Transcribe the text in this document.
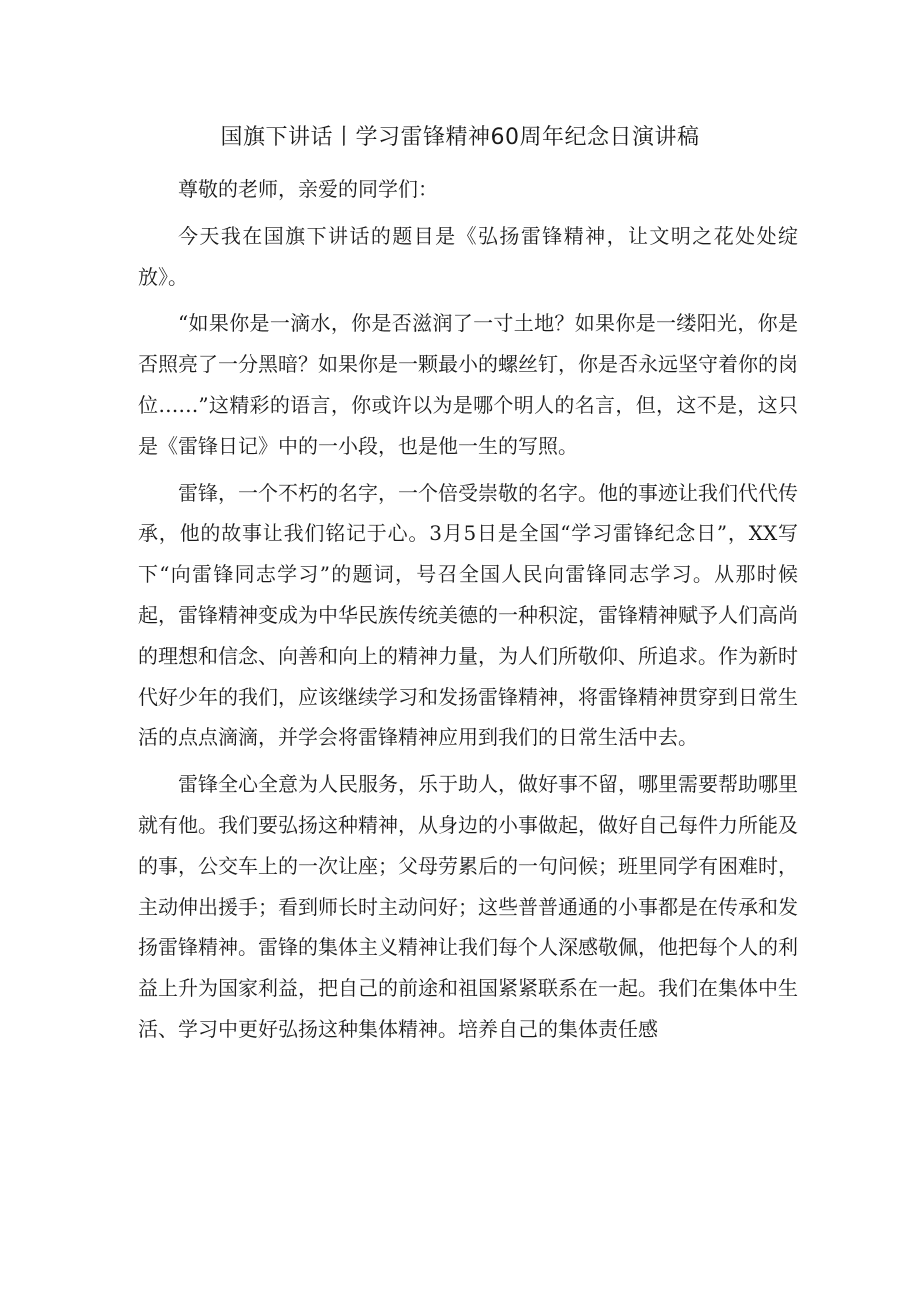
国旗下讲话丨学习雷锋精神60周年纪念日演讲稿

尊敬的老师，亲爱的同学们：

今天我在国旗下讲话的题目是《弘扬雷锋精神，让文明之花处处绽放》。

“如果你是一滴水，你是否滋润了一寸土地？如果你是一缕阳光，你是否照亮了一分黑暗？如果你是一颗最小的螺丝钉，你是否永远坚守着你的岗位……”这精彩的语言，你或许以为是哪个明人的名言，但，这不是，这只是《雷锋日记》中的一小段，也是他一生的写照。

雷锋，一个不朽的名字，一个倍受崇敬的名字。他的事迹让我们代代传承，他的故事让我们铭记于心。3月5日是全国“学习雷锋纪念日”，XX写下“向雷锋同志学习”的题词，号召全国人民向雷锋同志学习。从那时候起，雷锋精神变成为中华民族传统美德的一种积淀，雷锋精神赋予人们高尚的理想和信念、向善和向上的精神力量，为人们所敬仰、所追求。作为新时代好少年的我们，应该继续学习和发扬雷锋精神，将雷锋精神贯穿到日常生活的点点滴滴，并学会将雷锋精神应用到我们的日常生活中去。

雷锋全心全意为人民服务，乐于助人，做好事不留，哪里需要帮助哪里就有他。我们要弘扬这种精神，从身边的小事做起，做好自己每件力所能及的事，公交车上的一次让座；父母劳累后的一句问候；班里同学有困难时，主动伸出援手；看到师长时主动问好；这些普普通通的小事都是在传承和发扬雷锋精神。雷锋的集体主义精神让我们每个人深感敬佩，他把每个人的利益上升为国家利益，把自己的前途和祖国紧紧联系在一起。我们在集体中生活、学习中更好弘扬这种集体精神。培养自己的集体责任感
